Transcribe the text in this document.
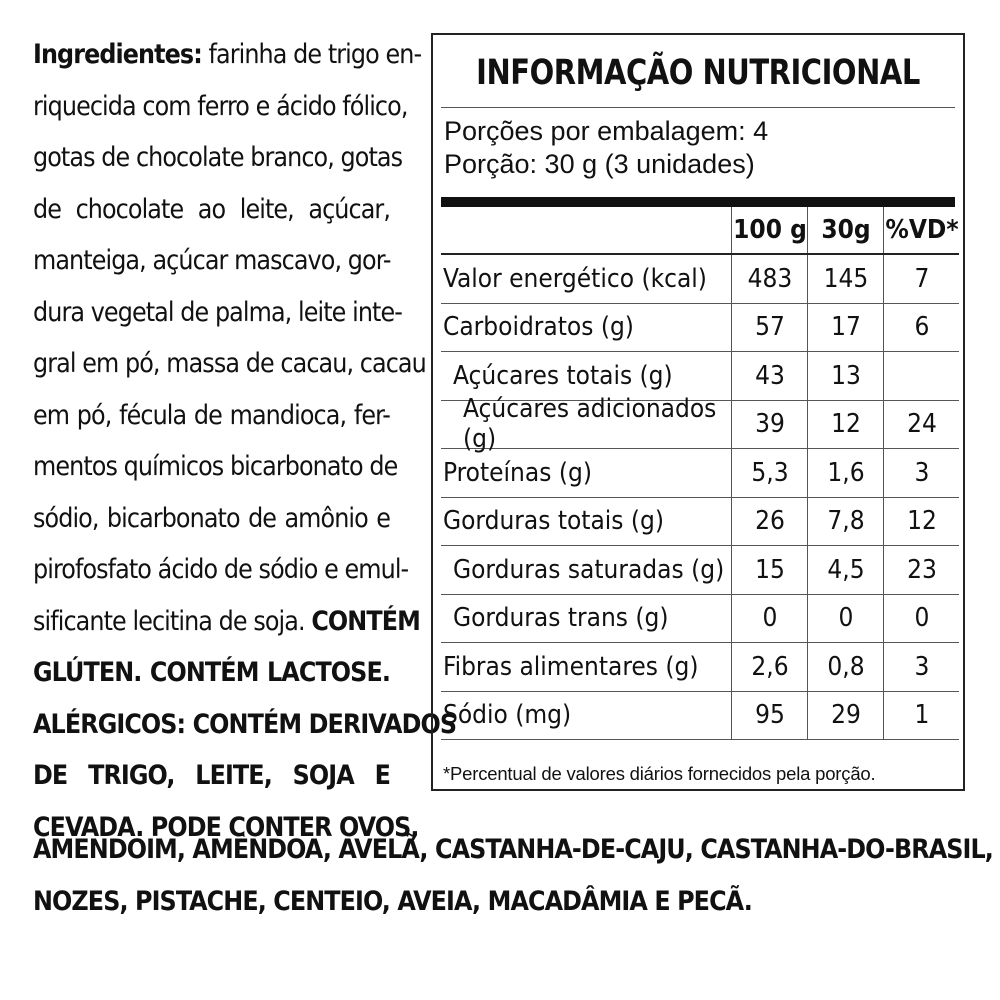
Ingredientes: farinha de trigo en-
riquecida com ferro e ácido fólico,
gotas de chocolate branco, gotas
de chocolate ao leite, açúcar,
manteiga, açúcar mascavo, gor-
dura vegetal de palma, leite inte-
gral em pó, massa de cacau, cacau
em pó, fécula de mandioca, fer-
mentos químicos bicarbonato de
sódio, bicarbonato de amônio e
pirofosfato ácido de sódio e emul-
sificante lecitina de soja. CONTÉM
GLÚTEN. CONTÉM LACTOSE.
ALÉRGICOS: CONTÉM DERIVADOS
DE TRIGO, LEITE, SOJA E
CEVADA. PODE CONTER OVOS,
AMENDOIM, AMÊNDOA, AVELÃ, CASTANHA-DE-CAJU, CASTANHA-DO-BRASIL,
NOZES, PISTACHE, CENTEIO, AVEIA, MACADÂMIA E PECÃ.
INFORMAÇÃO NUTRICIONAL
Porções por embalagem: 4
Porção: 30 g (3 unidades)
100 g 30g %VD*
Valor energético (kcal)	483	145	7
Carboidratos (g)	57	17	6
Açúcares totais (g)	43	13
Açúcares adicionados (g)	39	12	24
Proteínas (g)	5,3	1,6	3
Gorduras totais (g)	26	7,8	12
Gorduras saturadas (g)	15	4,5	23
Gorduras trans (g)	0	0	0
Fibras alimentares (g)	2,6	0,8	3
Sódio (mg)	95	29	1
*Percentual de valores diários fornecidos pela porção.
